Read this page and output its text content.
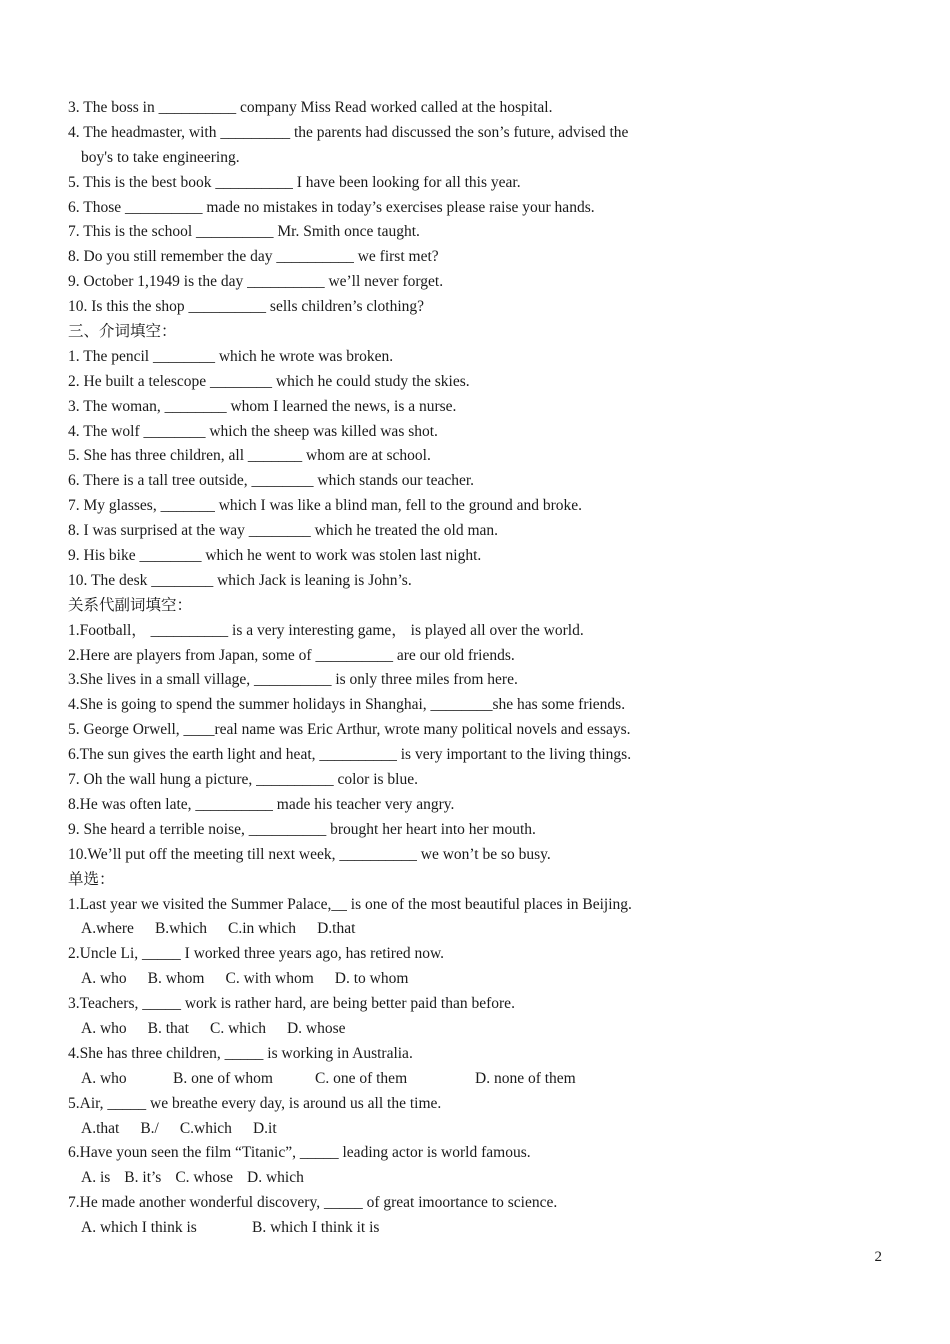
3. The boss in __________ company Miss Read worked called at the hospital.
4. The headmaster, with _________ the parents had discussed the son’s future, advised the
boy's to take engineering.
5. This is the best book __________ I have been looking for all this year.
6. Those __________ made no mistakes in today’s exercises please raise your hands.
7. This is the school __________ Mr. Smith once taught.
8. Do you still remember the day __________ we first met?
9. October 1,1949 is the day __________ we’ll never forget.
10. Is this the shop __________ sells children’s clothing?
三、介词填空：
1. The pencil ________ which he wrote was broken.
2. He built a telescope ________ which he could study the skies.
3. The woman, ________ whom I learned the news, is a nurse.
4. The wolf ________ which the sheep was killed was shot.
5. She has three children, all _______ whom are at school.
6. There is a tall tree outside, ________ which stands our teacher.
7. My glasses, _______ which I was like a blind man, fell to the ground and broke.
8. I was surprised at the way ________ which he treated the old man.
9. His bike ________ which he went to work was stolen last night.
10. The desk ________ which Jack is leaning is John’s.
关系代副词填空：
1.Football， __________ is a very interesting game， is played all over the world.
2.Here are players from Japan, some of __________ are our old friends.
3.She lives in a small village, __________ is only three miles from here.
4.She is going to spend the summer holidays in Shanghai, ________she has some friends.
5. George Orwell, ____real name was Eric Arthur, wrote many political novels and essays.
6.The sun gives the earth light and heat, __________ is very important to the living things.
7. Oh the wall hung a picture, __________ color is blue.
8.He was often late, __________ made his teacher very angry.
9. She heard a terrible noise, __________ brought her heart into her mouth.
10.We’ll put off the meeting till next week, __________ we won’t be so busy.
单选：
1.Last year we visited the Summer Palace,__ is one of the most beautiful places in Beijing.
A.where B.which C.in which D.that
2.Uncle Li, _____ I worked three years ago, has retired now.
A. who B. whom C. with whom D. to whom
3.Teachers, _____ work is rather hard, are being better paid than before.
A. who B. that C. which D. whose
4.She has three children, _____ is working in Australia.
A. who	B. one of whom	C. one of them	D. none of them
5.Air, _____ we breathe every day, is around us all the time.
A.that B./ C.which D.it
6.Have youn seen the film “Titanic”, _____ leading actor is world famous.
A. is B. it’s C. whose D. which
7.He made another wonderful discovery, _____ of great imoortance to science.
A. which I think is	B. which I think it is
2
